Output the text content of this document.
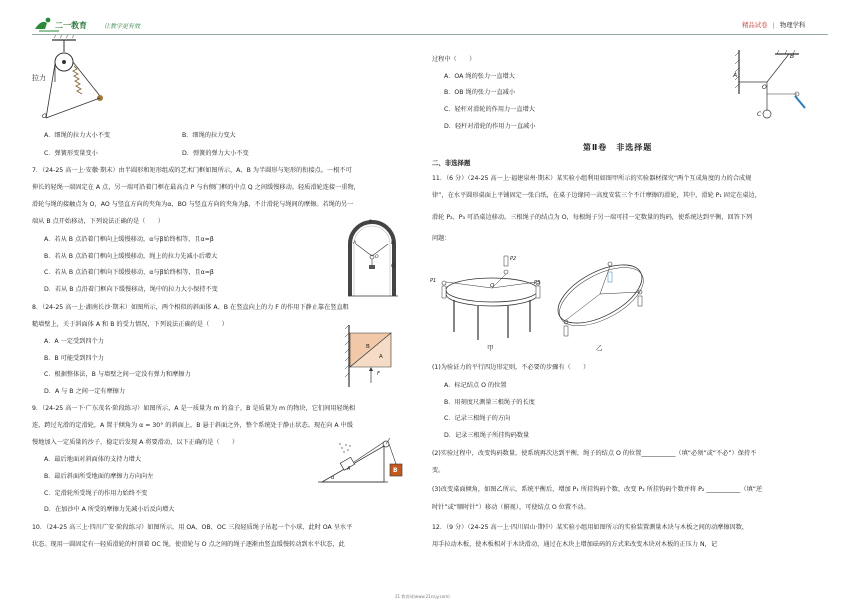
二一教育	让教学更有效	精品试卷 | 物理学科
拉力
O
A．细绳的拉力大小不变	B．细绳的拉力变大
C．弹簧形变量变小	D．弹簧的弹力大小不变
7．（24-25 高一上·安徽·期末）由半圆形和矩形组成的艺术门框如图所示，A、B 为半圆形与矩形的衔接点。一根不可
伸长的轻绳一端固定在 A 点，另一端可沿着门框在最高点 P 与右侧门框的中点 Q 之间缓慢移动。轻质滑轮连接一重物，
滑轮与绳的接触点为 O，AO 与竖直方向的夹角为α，BO 与竖直方向的夹角为β，不计滑轮与绳间的摩擦。若绳的另一
端从 B 点开始移动，下列说法正确的是（　　）
A．若从 B 点沿着门框向上缓慢移动，α与β始终相等，且α=β
B．若从 B 点沿着门框向上缓慢移动，绳上的拉力先减小后增大
C．若从 B 点沿着门框向下缓慢移动，α与β始终相等，且α=β
D．若从 B 点沿着门框向下缓慢移动，绳中的拉力大小保持不变
P
A	B
Q
O
8．（24-25 高一上·湖南长沙·期末）如图所示，两个相似的斜面体 A、B 在竖直向上的力 F 的作用下静止靠在竖直粗
糙墙壁上，关于斜面体 A 和 B 的受力情况，下列说法正确的是（　　）
A．A 一定受到四个力
B．B 可能受到四个力
C．根据整体法，B 与墙壁之间一定没有弹力和摩擦力
D．A 与 B 之间一定有摩擦力
B
A
F
9．（24-25 高一下·广东茂名·阶段练习）如图所示，A 是一质量为 m 的盒子，B 是质量为 m 的物块，它们间用轻绳相
连，跨过光滑的定滑轮，A 置于倾角为 α = 30° 的斜面上，B 悬于斜面之外，整个系统处于静止状态。现在向 A 中缓
慢地加入一定质量的沙子，稳定后发现 A 将要滑动，以下正确的是（　　）
A．最后地面对斜面体的支持力增大
B．最后斜面所受地面的摩擦力方向向左
C．定滑轮所受绳子的作用力始终不变
D．在加沙中 A 所受的摩擦力先减小后反向增大
A	B
α
10．（24-25 高三上·四川广安·阶段练习）如图所示，用 OA、OB、OC 三段轻质绳子吊起一个小球，此时 OA 呈水平
状态。现用一圆固定有一轻质滑轮的杆顶着 OC 绳，使滑轮与 O 点之间的绳子逐渐由竖直缓慢转动到水平状态，此
过程中（　　）
A．OA 绳的张力一直增大
B．OB 绳的张力一直减小
C．轻杆对滑轮的作用力一直增大
D．轻杆对滑轮的作用力一直减小
A
B
O
C
第Ⅱ卷　非选择题
二、非选择题
11．（6 分）（24-25 高一上·福建泉州·期末）某实验小组利用如图甲所示的实验器材探究“两个互成角度的力的合成规
律”，在水平圆形桌面上平铺固定一张白纸，在桌子边缘同一高度安装三个不计摩擦的滑轮，其中，滑轮 P₁ 固定在桌边，
滑轮 P₂、P₃ 可沿桌边移动。三根绳子的结点为 O，每根绳子另一端可挂一定数量的钩码，使系统达到平衡，回答下列
问题：
P1
P2
P3
O
甲	乙
(1)为验证力的平行四边形定则，不必要的步骤有（　　）
A．标记结点 O 的位置
B．用刻度尺测量三根绳子的长度
C．记录三根绳子的方向
D．记录三根绳子所挂钩码数量
(2)实验过程中，改变钩码数量，使系统再次达到平衡，绳子的结点 O 的位置___________（填“必须”或“不必”）保持不
变。
(3)改变桌面倾角，如图乙所示，系统平衡后，增加 P₁ 所挂钩码个数，改变 P₂ 所挂钩码个数并将 P₂ ___________（填“逆
时针”或“顺时针”）移动（俯视），可使结点 O 位置不动。
12．（9 分）（24-25 高一上·四川眉山·期中）某实验小组用如图所示的实验装置测量木块与木板之间的动摩擦因数，
用手拉动木板，使木板相对于木块滑动，通过在木块上增加砝码的方式来改变木块对木板的正压力 N，记
21 教育网(www.21cnjy.com)
